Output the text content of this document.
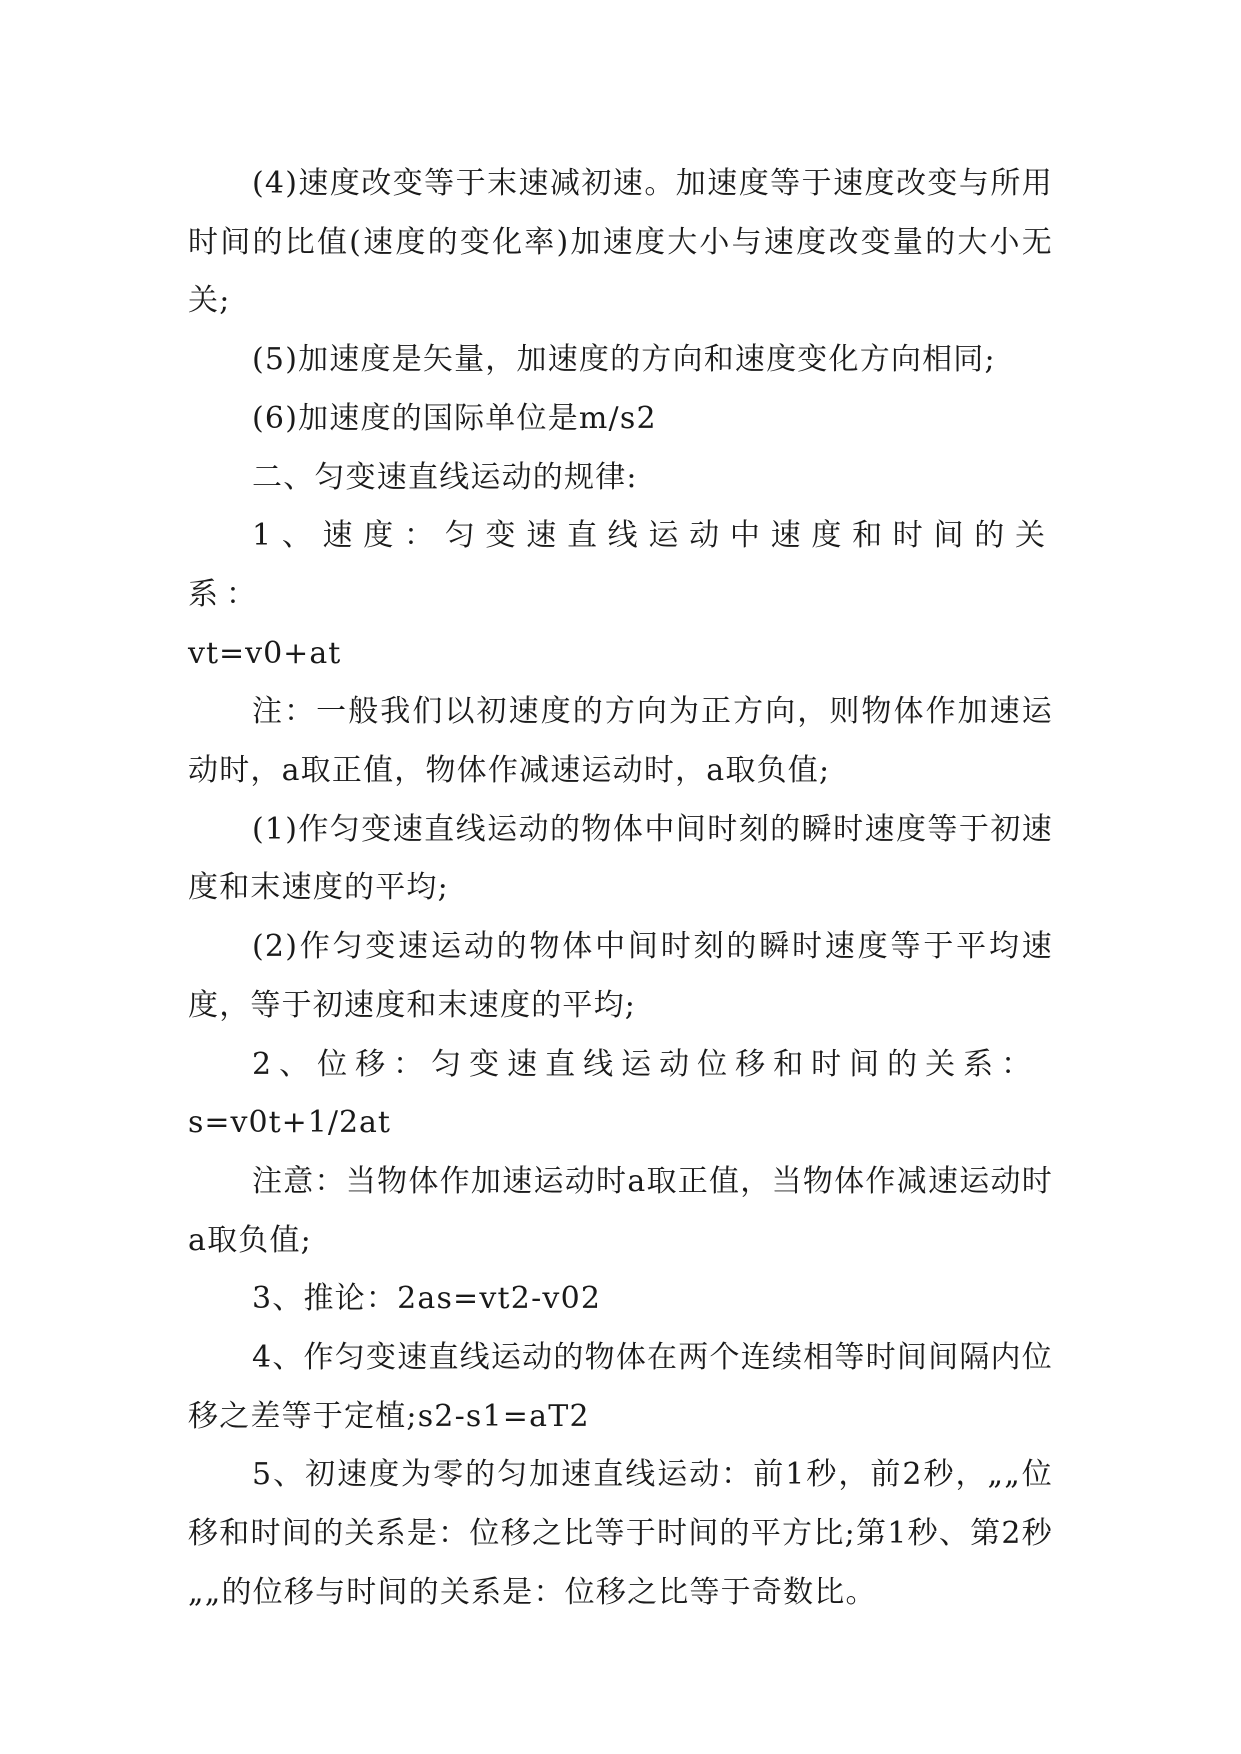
(4)速度改变等于末速减初速。加速度等于速度改变与所用时间的比值(速度的变化率)加速度大小与速度改变量的大小无关;

(5)加速度是矢量，加速度的方向和速度变化方向相同;

(6)加速度的国际单位是m/s2

二、匀变速直线运动的规律:

1、速度：匀变速直线运动中速度和时间的关系：
vt=v0+at

注：一般我们以初速度的方向为正方向，则物体作加速运动时，a取正值，物体作减速运动时，a取负值;

(1)作匀变速直线运动的物体中间时刻的瞬时速度等于初速度和末速度的平均;

(2)作匀变速运动的物体中间时刻的瞬时速度等于平均速度，等于初速度和末速度的平均;

2、位移：匀变速直线运动位移和时间的关系：
s=v0t+1/2at

注意：当物体作加速运动时a取正值，当物体作减速运动时a取负值;

3、推论：2as=vt2-v02

4、作匀变速直线运动的物体在两个连续相等时间间隔内位移之差等于定植;s2-s1=aT2

5、初速度为零的匀加速直线运动：前1秒，前2秒，„„位移和时间的关系是：位移之比等于时间的平方比;第1秒、第2秒„„的位移与时间的关系是：位移之比等于奇数比。
